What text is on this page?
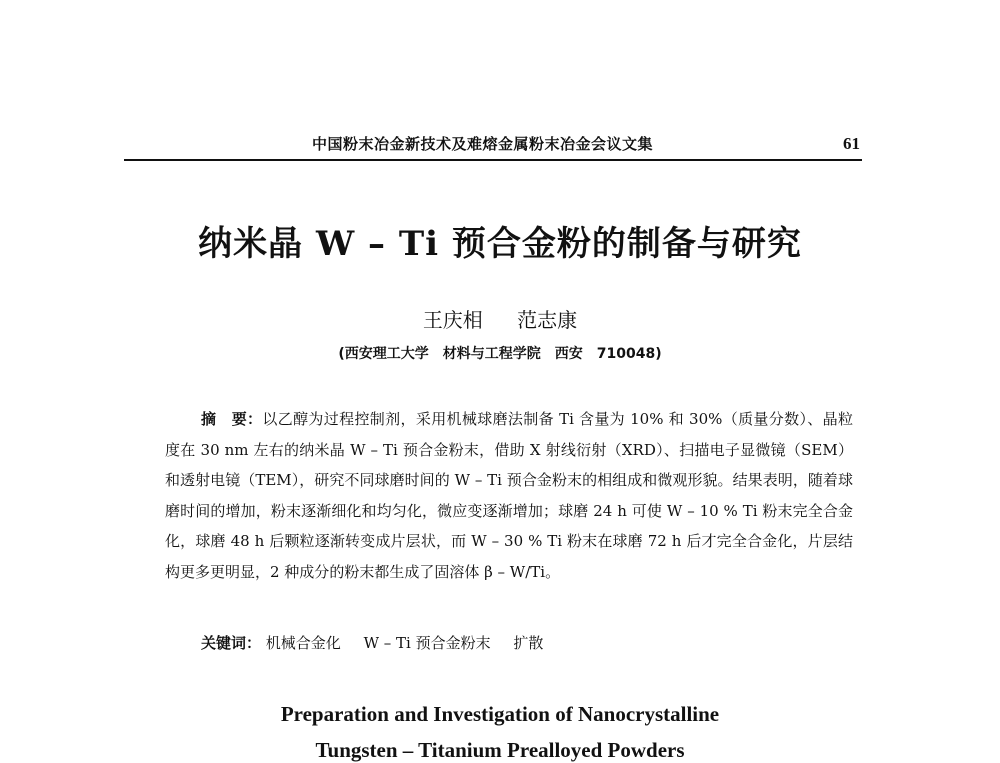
中国粉末冶金新技术及难熔金属粉末冶金会议文集	61
纳米晶 W – Ti 预合金粉的制备与研究
王庆相 范志康
(西安理工大学　材料与工程学院　西安　710048)
摘　要：以乙醇为过程控制剂，采用机械球磨法制备 Ti 含量为 10% 和 30%（质量分数）、晶粒度在 30 nm 左右的纳米晶 W – Ti 预合金粉末，借助 X 射线衍射（XRD）、扫描电子显微镜（SEM）和透射电镜（TEM），研究不同球磨时间的 W – Ti 预合金粉末的相组成和微观形貌。结果表明，随着球磨时间的增加，粉末逐渐细化和均匀化，微应变逐渐增加；球磨 24 h 可使 W – 10 % Ti 粉末完全合金化，球磨 48 h 后颗粒逐渐转变成片层状，而 W – 30 % Ti 粉末在球磨 72 h 后才完全合金化，片层结构更多更明显，2 种成分的粉末都生成了固溶体 β – W/Ti。
关键词： 机械合金化 W – Ti 预合金粉末 扩散
Preparation and Investigation of Nanocrystalline
Tungsten – Titanium Prealloyed Powders
